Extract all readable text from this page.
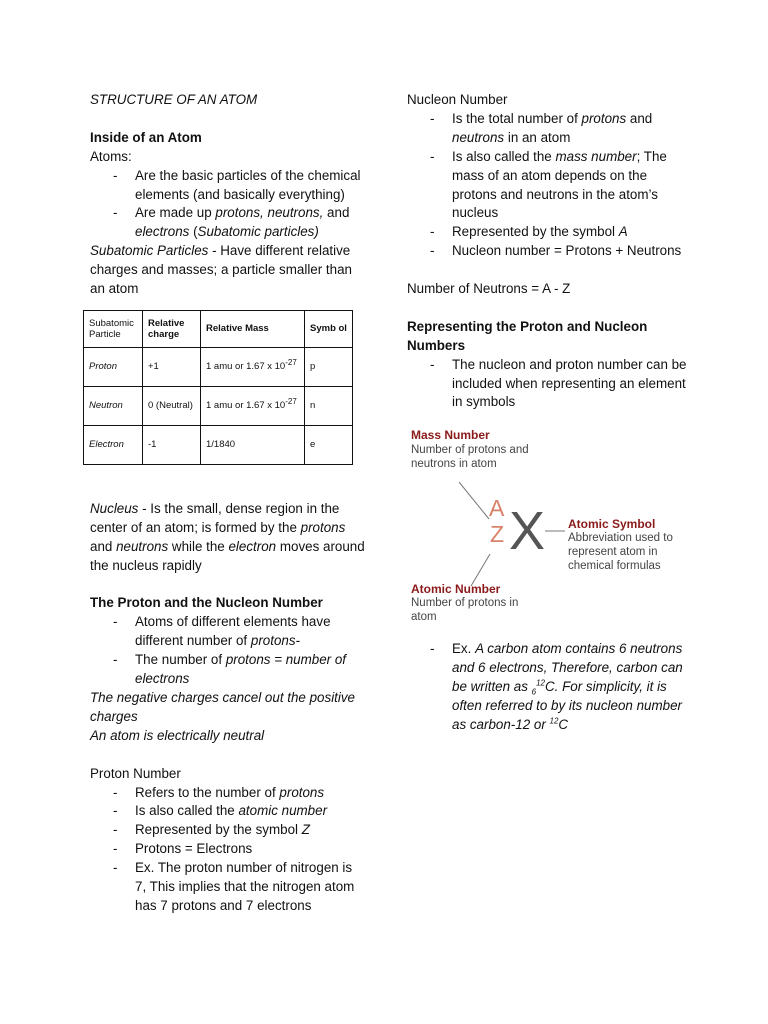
STRUCTURE OF AN ATOM

Inside of an Atom

Atoms:

- Are the basic particles of the chemical elements (and basically everything)
- Are made up protons, neutrons, and electrons (Subatomic particles)

Subatomic Particles - Have different relative charges and masses; a particle smaller than an atom

Subatomic Particle	Relative charge	Relative Mass	Symb ol
Proton	+1	1 amu or 1.67 x $10^{-27}$	p
Neutron	0 (Neutral)	1 amu or 1.67 x $10^{-27}$	n
Electron	-1	1/1840	e

Nucleus - Is the small, dense region in the center of an atom; is formed by the protons and neutrons while the electron moves around the nucleus rapidly

The Proton and the Nucleon Number

- Atoms of different elements have different number of protons-
- The number of protons = number of electrons

The negative charges cancel out the positive charges

An atom is electrically neutral

Proton Number

- Refers to the number of protons
- Is also called the atomic number
- Represented by the symbol Z
- Protons = Electrons
- Ex. The proton number of nitrogen is 7, This implies that the nitrogen atom has 7 protons and 7 electrons

Nucleon Number

- Is the total number of protons and neutrons in an atom
- Is also called the mass number; The mass of an atom depends on the protons and neutrons in the atom’s nucleus
- Represented by the symbol A
- Nucleon number = Protons + Neutrons

Number of Neutrons = A - Z

Representing the Proton and Nucleon Numbers

- The nucleon and proton number can be included when representing an element in symbols
Mass Number
Number of protons and neutrons in atom
A
Z X Atomic Symbol
Abbreviation used to represent atom in chemical formulas
Atomic Number
Number of protons in atom
- Ex. A carbon atom contains 6 neutrons and 6 electrons, Therefore, carbon can be written as $_6^{12}$C. For simplicity, it is often referred to by its nucleon number as carbon-12 or $^{12}$C
